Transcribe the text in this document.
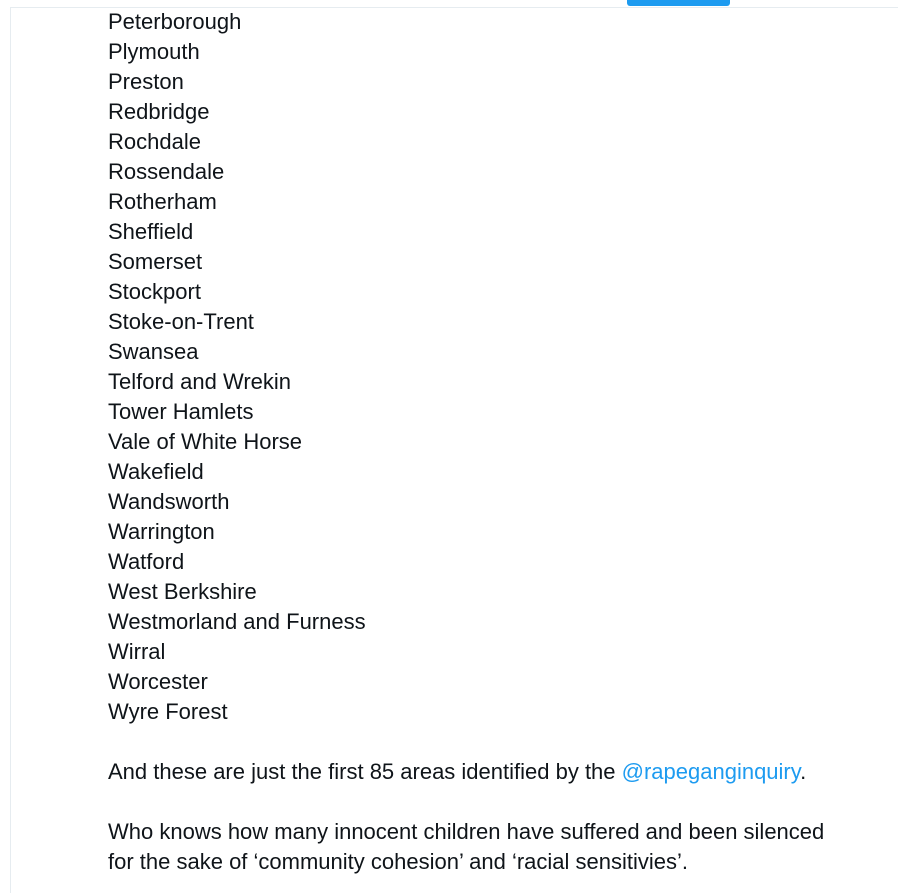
Peterborough
Plymouth
Preston
Redbridge
Rochdale
Rossendale
Rotherham
Sheffield
Somerset
Stockport
Stoke-on-Trent
Swansea
Telford and Wrekin
Tower Hamlets
Vale of White Horse
Wakefield
Wandsworth
Warrington
Watford
West Berkshire
Westmorland and Furness
Wirral
Worcester
Wyre Forest

And these are just the first 85 areas identified by the @rapeganginquiry.

Who knows how many innocent children have suffered and been silenced
for the sake of ‘community cohesion’ and ‘racial sensitivies’.
